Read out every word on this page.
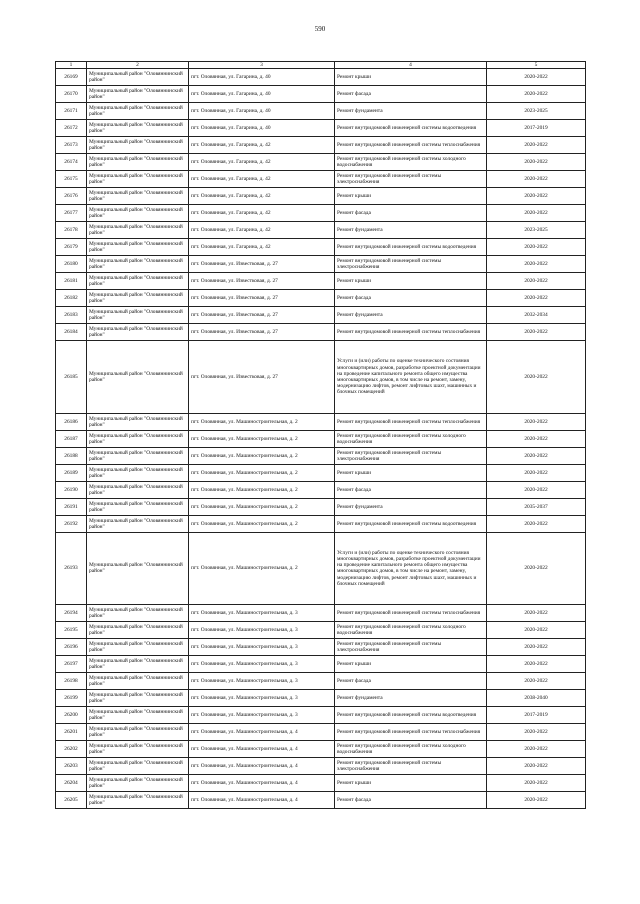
590
1	2	3	4	5
26169	Муниципальный район "Оловяннинский район"	пгт. Оловянная, ул. Гагарина, д. 40	Ремонт крыши	2020-2022
26170	Муниципальный район "Оловяннинский район"	пгт. Оловянная, ул. Гагарина, д. 40	Ремонт фасада	2020-2022
26171	Муниципальный район "Оловяннинский район"	пгт. Оловянная, ул. Гагарина, д. 40	Ремонт фундамента	2023-2025
26172	Муниципальный район "Оловяннинский район"	пгт. Оловянная, ул. Гагарина, д. 40	Ремонт внутридомовой инженерной системы водоотведения	2017-2019
26173	Муниципальный район "Оловяннинский район"	пгт. Оловянная, ул. Гагарина, д. 42	Ремонт внутридомовой инженерной системы теплоснабжения	2020-2022
26174	Муниципальный район "Оловяннинский район"	пгт. Оловянная, ул. Гагарина, д. 42	Ремонт внутридомовой инженерной системы холодного водоснабжения	2020-2022
26175	Муниципальный район "Оловяннинский район"	пгт. Оловянная, ул. Гагарина, д. 42	Ремонт внутридомовой инженерной системы электроснабжения	2020-2022
26176	Муниципальный район "Оловяннинский район"	пгт. Оловянная, ул. Гагарина, д. 42	Ремонт крыши	2020-2022
26177	Муниципальный район "Оловяннинский район"	пгт. Оловянная, ул. Гагарина, д. 42	Ремонт фасада	2020-2022
26178	Муниципальный район "Оловяннинский район"	пгт. Оловянная, ул. Гагарина, д. 42	Ремонт фундамента	2023-2025
26179	Муниципальный район "Оловяннинский район"	пгт. Оловянная, ул. Гагарина, д. 42	Ремонт внутридомовой инженерной системы водоотведения	2020-2022
26180	Муниципальный район "Оловяннинский район"	пгт. Оловянная, ул. Известковая, д. 27	Ремонт внутридомовой инженерной системы электроснабжения	2020-2022
26181	Муниципальный район "Оловяннинский район"	пгт. Оловянная, ул. Известковая, д. 27	Ремонт крыши	2020-2022
26182	Муниципальный район "Оловяннинский район"	пгт. Оловянная, ул. Известковая, д. 27	Ремонт фасада	2020-2022
26183	Муниципальный район "Оловяннинский район"	пгт. Оловянная, ул. Известковая, д. 27	Ремонт фундамента	2032-2034
26184	Муниципальный район "Оловяннинский район"	пгт. Оловянная, ул. Известковая, д. 27	Ремонт внутридомовой инженерной системы теплоснабжения	2020-2022
26185	Муниципальный район "Оловяннинский район"	пгт. Оловянная, ул. Известковая, д. 27	Услуги и (или) работы по оценке технического состояния многоквартирных домов, разработке проектной документации на проведение капитального ремонта общего имущества многоквартирных домов, в том числе на ремонт, замену, модернизацию лифтов, ремонт лифтовых шахт, машинных и блочных помещений	2020-2022
26186	Муниципальный район "Оловяннинский район"	пгт. Оловянная, ул. Машиностроительная, д. 2	Ремонт внутридомовой инженерной системы теплоснабжения	2020-2022
26187	Муниципальный район "Оловяннинский район"	пгт. Оловянная, ул. Машиностроительная, д. 2	Ремонт внутридомовой инженерной системы холодного водоснабжения	2020-2022
26188	Муниципальный район "Оловяннинский район"	пгт. Оловянная, ул. Машиностроительная, д. 2	Ремонт внутридомовой инженерной системы электроснабжения	2020-2022
26189	Муниципальный район "Оловяннинский район"	пгт. Оловянная, ул. Машиностроительная, д. 2	Ремонт крыши	2020-2022
26190	Муниципальный район "Оловяннинский район"	пгт. Оловянная, ул. Машиностроительная, д. 2	Ремонт фасада	2020-2022
26191	Муниципальный район "Оловяннинский район"	пгт. Оловянная, ул. Машиностроительная, д. 2	Ремонт фундамента	2035-2037
26192	Муниципальный район "Оловяннинский район"	пгт. Оловянная, ул. Машиностроительная, д. 2	Ремонт внутридомовой инженерной системы водоотведения	2020-2022
26193	Муниципальный район "Оловяннинский район"	пгт. Оловянная, ул. Машиностроительная, д. 2	Услуги и (или) работы по оценке технического состояния многоквартирных домов, разработке проектной документации на проведение капитального ремонта общего имущества многоквартирных домов, в том числе на ремонт, замену, модернизацию лифтов, ремонт лифтовых шахт, машинных и блочных помещений	2020-2022
26194	Муниципальный район "Оловяннинский район"	пгт. Оловянная, ул. Машиностроительная, д. 3	Ремонт внутридомовой инженерной системы теплоснабжения	2020-2022
26195	Муниципальный район "Оловяннинский район"	пгт. Оловянная, ул. Машиностроительная, д. 3	Ремонт внутридомовой инженерной системы холодного водоснабжения	2020-2022
26196	Муниципальный район "Оловяннинский район"	пгт. Оловянная, ул. Машиностроительная, д. 3	Ремонт внутридомовой инженерной системы электроснабжения	2020-2022
26197	Муниципальный район "Оловяннинский район"	пгт. Оловянная, ул. Машиностроительная, д. 3	Ремонт крыши	2020-2022
26198	Муниципальный район "Оловяннинский район"	пгт. Оловянная, ул. Машиностроительная, д. 3	Ремонт фасада	2020-2022
26199	Муниципальный район "Оловяннинский район"	пгт. Оловянная, ул. Машиностроительная, д. 3	Ремонт фундамента	2038-2040
26200	Муниципальный район "Оловяннинский район"	пгт. Оловянная, ул. Машиностроительная, д. 3	Ремонт внутридомовой инженерной системы водоотведения	2017-2019
26201	Муниципальный район "Оловяннинский район"	пгт. Оловянная, ул. Машиностроительная, д. 4	Ремонт внутридомовой инженерной системы теплоснабжения	2020-2022
26202	Муниципальный район "Оловяннинский район"	пгт. Оловянная, ул. Машиностроительная, д. 4	Ремонт внутридомовой инженерной системы холодного водоснабжения	2020-2022
26203	Муниципальный район "Оловяннинский район"	пгт. Оловянная, ул. Машиностроительная, д. 4	Ремонт внутридомовой инженерной системы электроснабжения	2020-2022
26204	Муниципальный район "Оловяннинский район"	пгт. Оловянная, ул. Машиностроительная, д. 4	Ремонт крыши	2020-2022
26205	Муниципальный район "Оловяннинский район"	пгт. Оловянная, ул. Машиностроительная, д. 4	Ремонт фасада	2020-2022
